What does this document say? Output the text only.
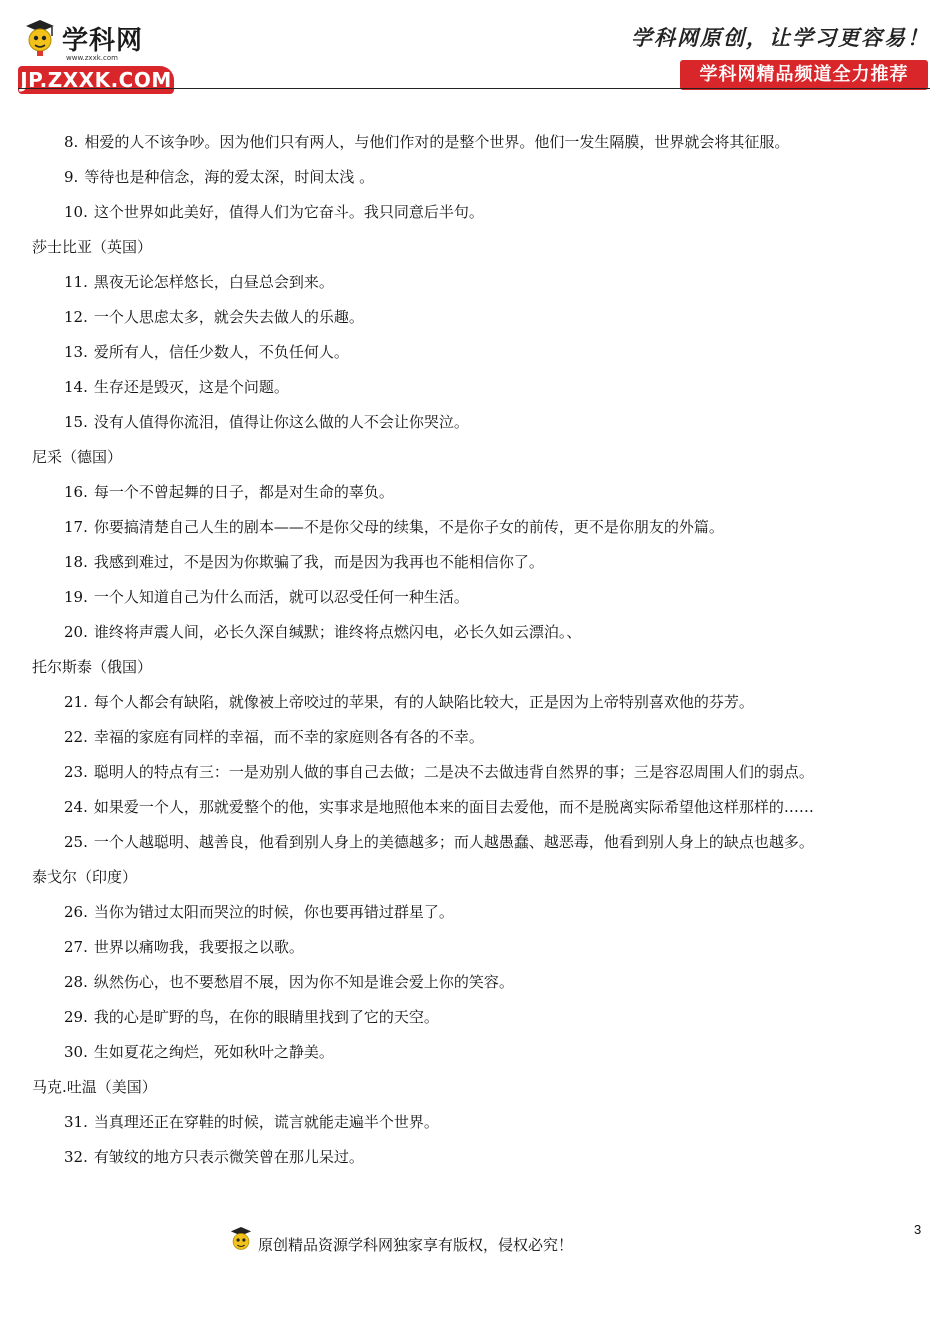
学科网
www.zxxk.com
JP.ZXXK.COM
学科网原创，让学习更容易！
学科网精品频道全力推荐
8. 相爱的人不该争吵。因为他们只有两人，与他们作对的是整个世界。他们一发生隔膜，世界就会将其征服。
9. 等待也是种信念，海的爱太深，时间太浅 。
10. 这个世界如此美好，值得人们为它奋斗。我只同意后半句。
莎士比亚（英国）
11. 黑夜无论怎样悠长，白昼总会到来。
12. 一个人思虑太多，就会失去做人的乐趣。
13. 爱所有人，信任少数人，不负任何人。
14. 生存还是毁灭，这是个问题。
15. 没有人值得你流泪，值得让你这么做的人不会让你哭泣。
尼采（德国）
16. 每一个不曾起舞的日子，都是对生命的辜负。
17. 你要搞清楚自己人生的剧本——不是你父母的续集，不是你子女的前传，更不是你朋友的外篇。
18. 我感到难过，不是因为你欺骗了我，而是因为我再也不能相信你了。
19. 一个人知道自己为什么而活，就可以忍受任何一种生活。
20. 谁终将声震人间，必长久深自缄默；谁终将点燃闪电，必长久如云漂泊。、
托尔斯泰（俄国）
21. 每个人都会有缺陷，就像被上帝咬过的苹果，有的人缺陷比较大，正是因为上帝特别喜欢他的芬芳。
22. 幸福的家庭有同样的幸福，而不幸的家庭则各有各的不幸。
23. 聪明人的特点有三：一是劝别人做的事自己去做；二是决不去做违背自然界的事；三是容忍周围人们的弱点。
24. 如果爱一个人，那就爱整个的他，实事求是地照他本来的面目去爱他，而不是脱离实际希望他这样那样的……
25. 一个人越聪明、越善良，他看到别人身上的美德越多；而人越愚蠢、越恶毒，他看到别人身上的缺点也越多。
泰戈尔（印度）
26. 当你为错过太阳而哭泣的时候，你也要再错过群星了。
27. 世界以痛吻我，我要报之以歌。
28. 纵然伤心，也不要愁眉不展，因为你不知是谁会爱上你的笑容。
29. 我的心是旷野的鸟，在你的眼睛里找到了它的天空。
30. 生如夏花之绚烂，死如秋叶之静美。
马克.吐温（美国）
31. 当真理还正在穿鞋的时候，谎言就能走遍半个世界。
32. 有皱纹的地方只表示微笑曾在那儿呆过。
原创精品资源学科网独家享有版权，侵权必究！
3
